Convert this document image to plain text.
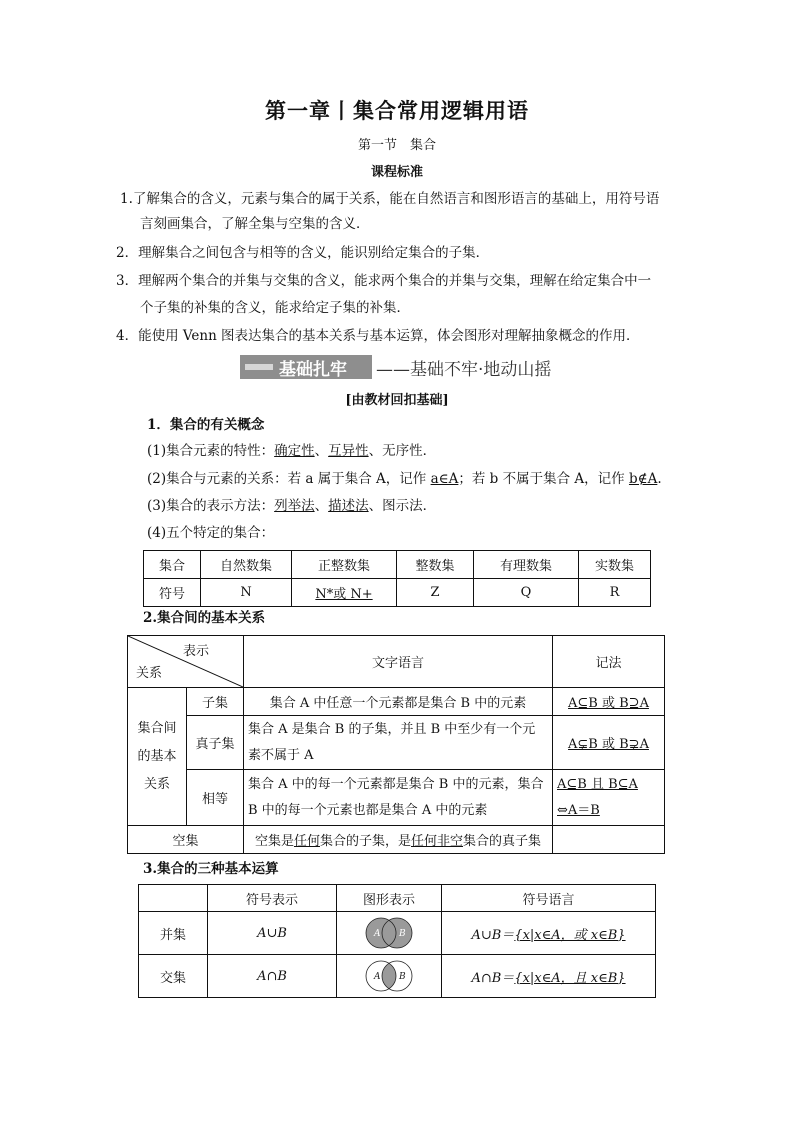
第一章丨集合常用逻辑用语
第一节　集合
课程标准
1.了解集合的含义，元素与集合的属于关系，能在自然语言和图形语言的基础上，用符号语
言刻画集合，了解全集与空集的含义．
2．理解集合之间包含与相等的含义，能识别给定集合的子集．
3．理解两个集合的并集与交集的含义，能求两个集合的并集与交集，理解在给定集合中一
个子集的补集的含义，能求给定子集的补集．
4．能使用 Venn 图表达集合的基本关系与基本运算，体会图形对理解抽象概念的作用．
基础扎牢 ——基础不牢·地动山摇
[由教材回扣基础]
1．集合的有关概念
(1)集合元素的特性：确定性、互异性、无序性．
(2)集合与元素的关系：若 a 属于集合 A，记作 a∈A；若 b 不属于集合 A，记作 b∉A.
(3)集合的表示方法：列举法、描述法、图示法．
(4)五个特定的集合：
集合	自然数集	正整数集	整数集	有理数集	实数集
符号	N	N*或 N+	Z	Q	R
2.集合间的基本关系
表示
关系		文字语言	记法

集合间
的基本
关系	子集	集合 A 中任意一个元素都是集合 B 中的元素	A⊆B 或 B⊇A
	真子集	集合 A 是集合 B 的子集，并且 B 中至少有一个元素不属于 A	A⊊B 或 B⊋A
	相等	集合 A 中的每一个元素都是集合 B 中的元素，集合 B 中的每一个元素也都是集合 A 中的元素	A⊆B 且 B⊆A ⇔A＝B
空集		空集是任何集合的子集，是任何非空集合的真子集	
3.集合的三种基本运算
	符号表示	图形表示	符号语言
并集	A∪B	A B	A∪B＝{x|x∈A，或 x∈B}
交集	A∩B	A B	A∩B＝{x|x∈A，且 x∈B}
